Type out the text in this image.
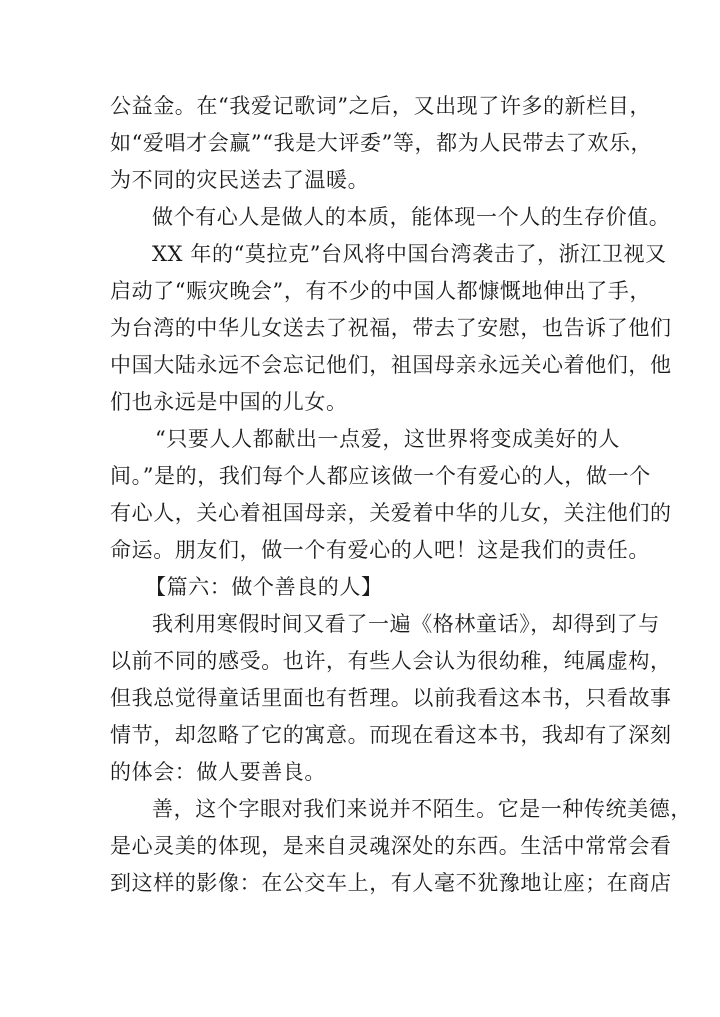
公益金。在“我爱记歌词”之后，又出现了许多的新栏目，
如“爱唱才会赢”“我是大评委”等，都为人民带去了欢乐，
为不同的灾民送去了温暖。
做个有心人是做人的本质，能体现一个人的生存价值。
XX 年的“莫拉克”台风将中国台湾袭击了，浙江卫视又
启动了“赈灾晚会”，有不少的中国人都慷慨地伸出了手，
为台湾的中华儿女送去了祝福，带去了安慰，也告诉了他们
中国大陆永远不会忘记他们，祖国母亲永远关心着他们，他
们也永远是中国的儿女。
“只要人人都献出一点爱，这世界将变成美好的人
间。”是的，我们每个人都应该做一个有爱心的人，做一个
有心人，关心着祖国母亲，关爱着中华的儿女，关注他们的
命运。朋友们，做一个有爱心的人吧！这是我们的责任。
【篇六：做个善良的人】
我利用寒假时间又看了一遍《格林童话》，却得到了与
以前不同的感受。也许，有些人会认为很幼稚，纯属虚构，
但我总觉得童话里面也有哲理。以前我看这本书，只看故事
情节，却忽略了它的寓意。而现在看这本书，我却有了深刻
的体会：做人要善良。
善，这个字眼对我们来说并不陌生。它是一种传统美德，
是心灵美的体现，是来自灵魂深处的东西。生活中常常会看
到这样的影像：在公交车上，有人毫不犹豫地让座；在商店
